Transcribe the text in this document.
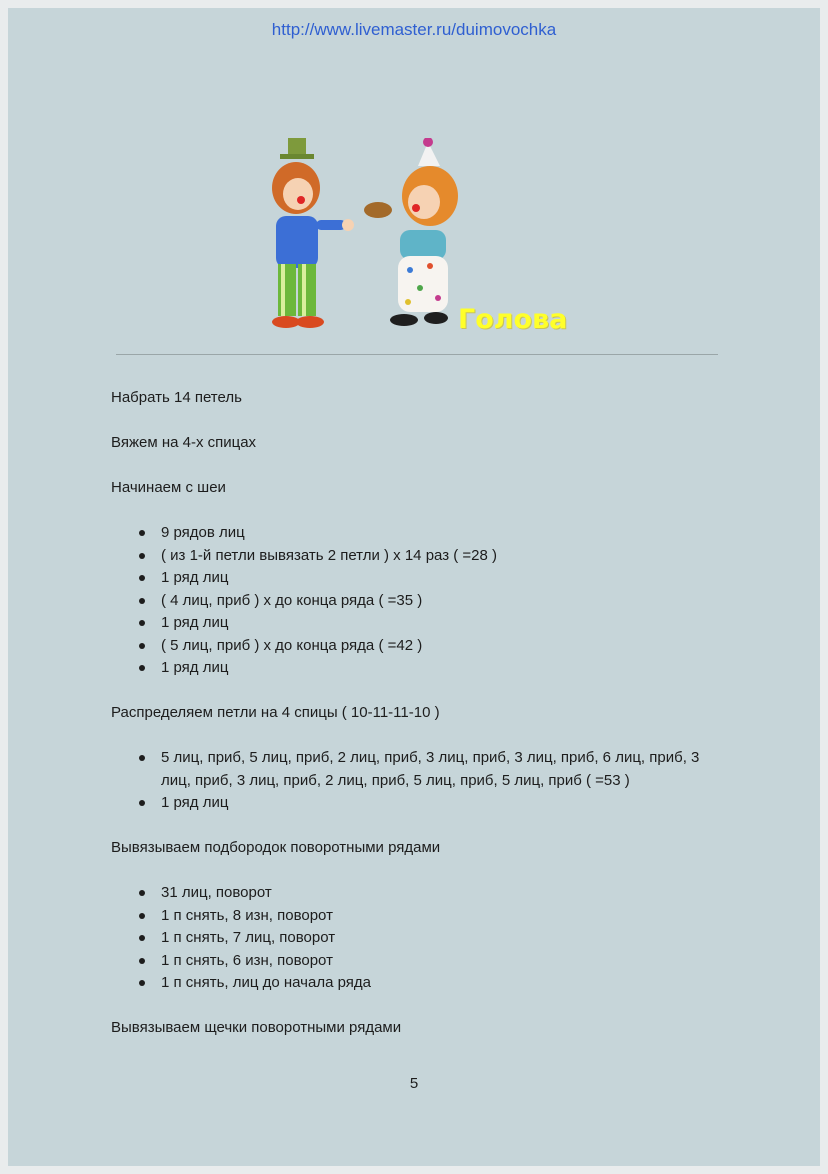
http://www.livemaster.ru/duimovochka
Голова

Набрать 14 петель

Вяжем на 4-х спицах

Начинаем с шеи

9 рядов лиц
( из 1-й петли вывязать 2 петли ) х 14 раз ( =28 )
1 ряд лиц
( 4 лиц, приб ) х до конца ряда ( =35 )
1 ряд лиц
( 5 лиц, приб ) х до конца ряда ( =42 )
1 ряд лиц

Распределяем петли на 4 спицы ( 10-11-11-10 )

5 лиц, приб, 5 лиц, приб, 2 лиц, приб, 3 лиц, приб, 3 лиц, приб, 6 лиц, приб, 3 лиц, приб, 3 лиц, приб, 2 лиц, приб, 5 лиц, приб, 5 лиц, приб ( =53 )
1 ряд лиц

Вывязываем подбородок поворотными рядами

31 лиц, поворот
1 п снять, 8 изн, поворот
1 п снять, 7 лиц, поворот
1 п снять, 6 изн, поворот
1 п снять, лиц до начала ряда

Вывязываем щечки поворотными рядами

5
